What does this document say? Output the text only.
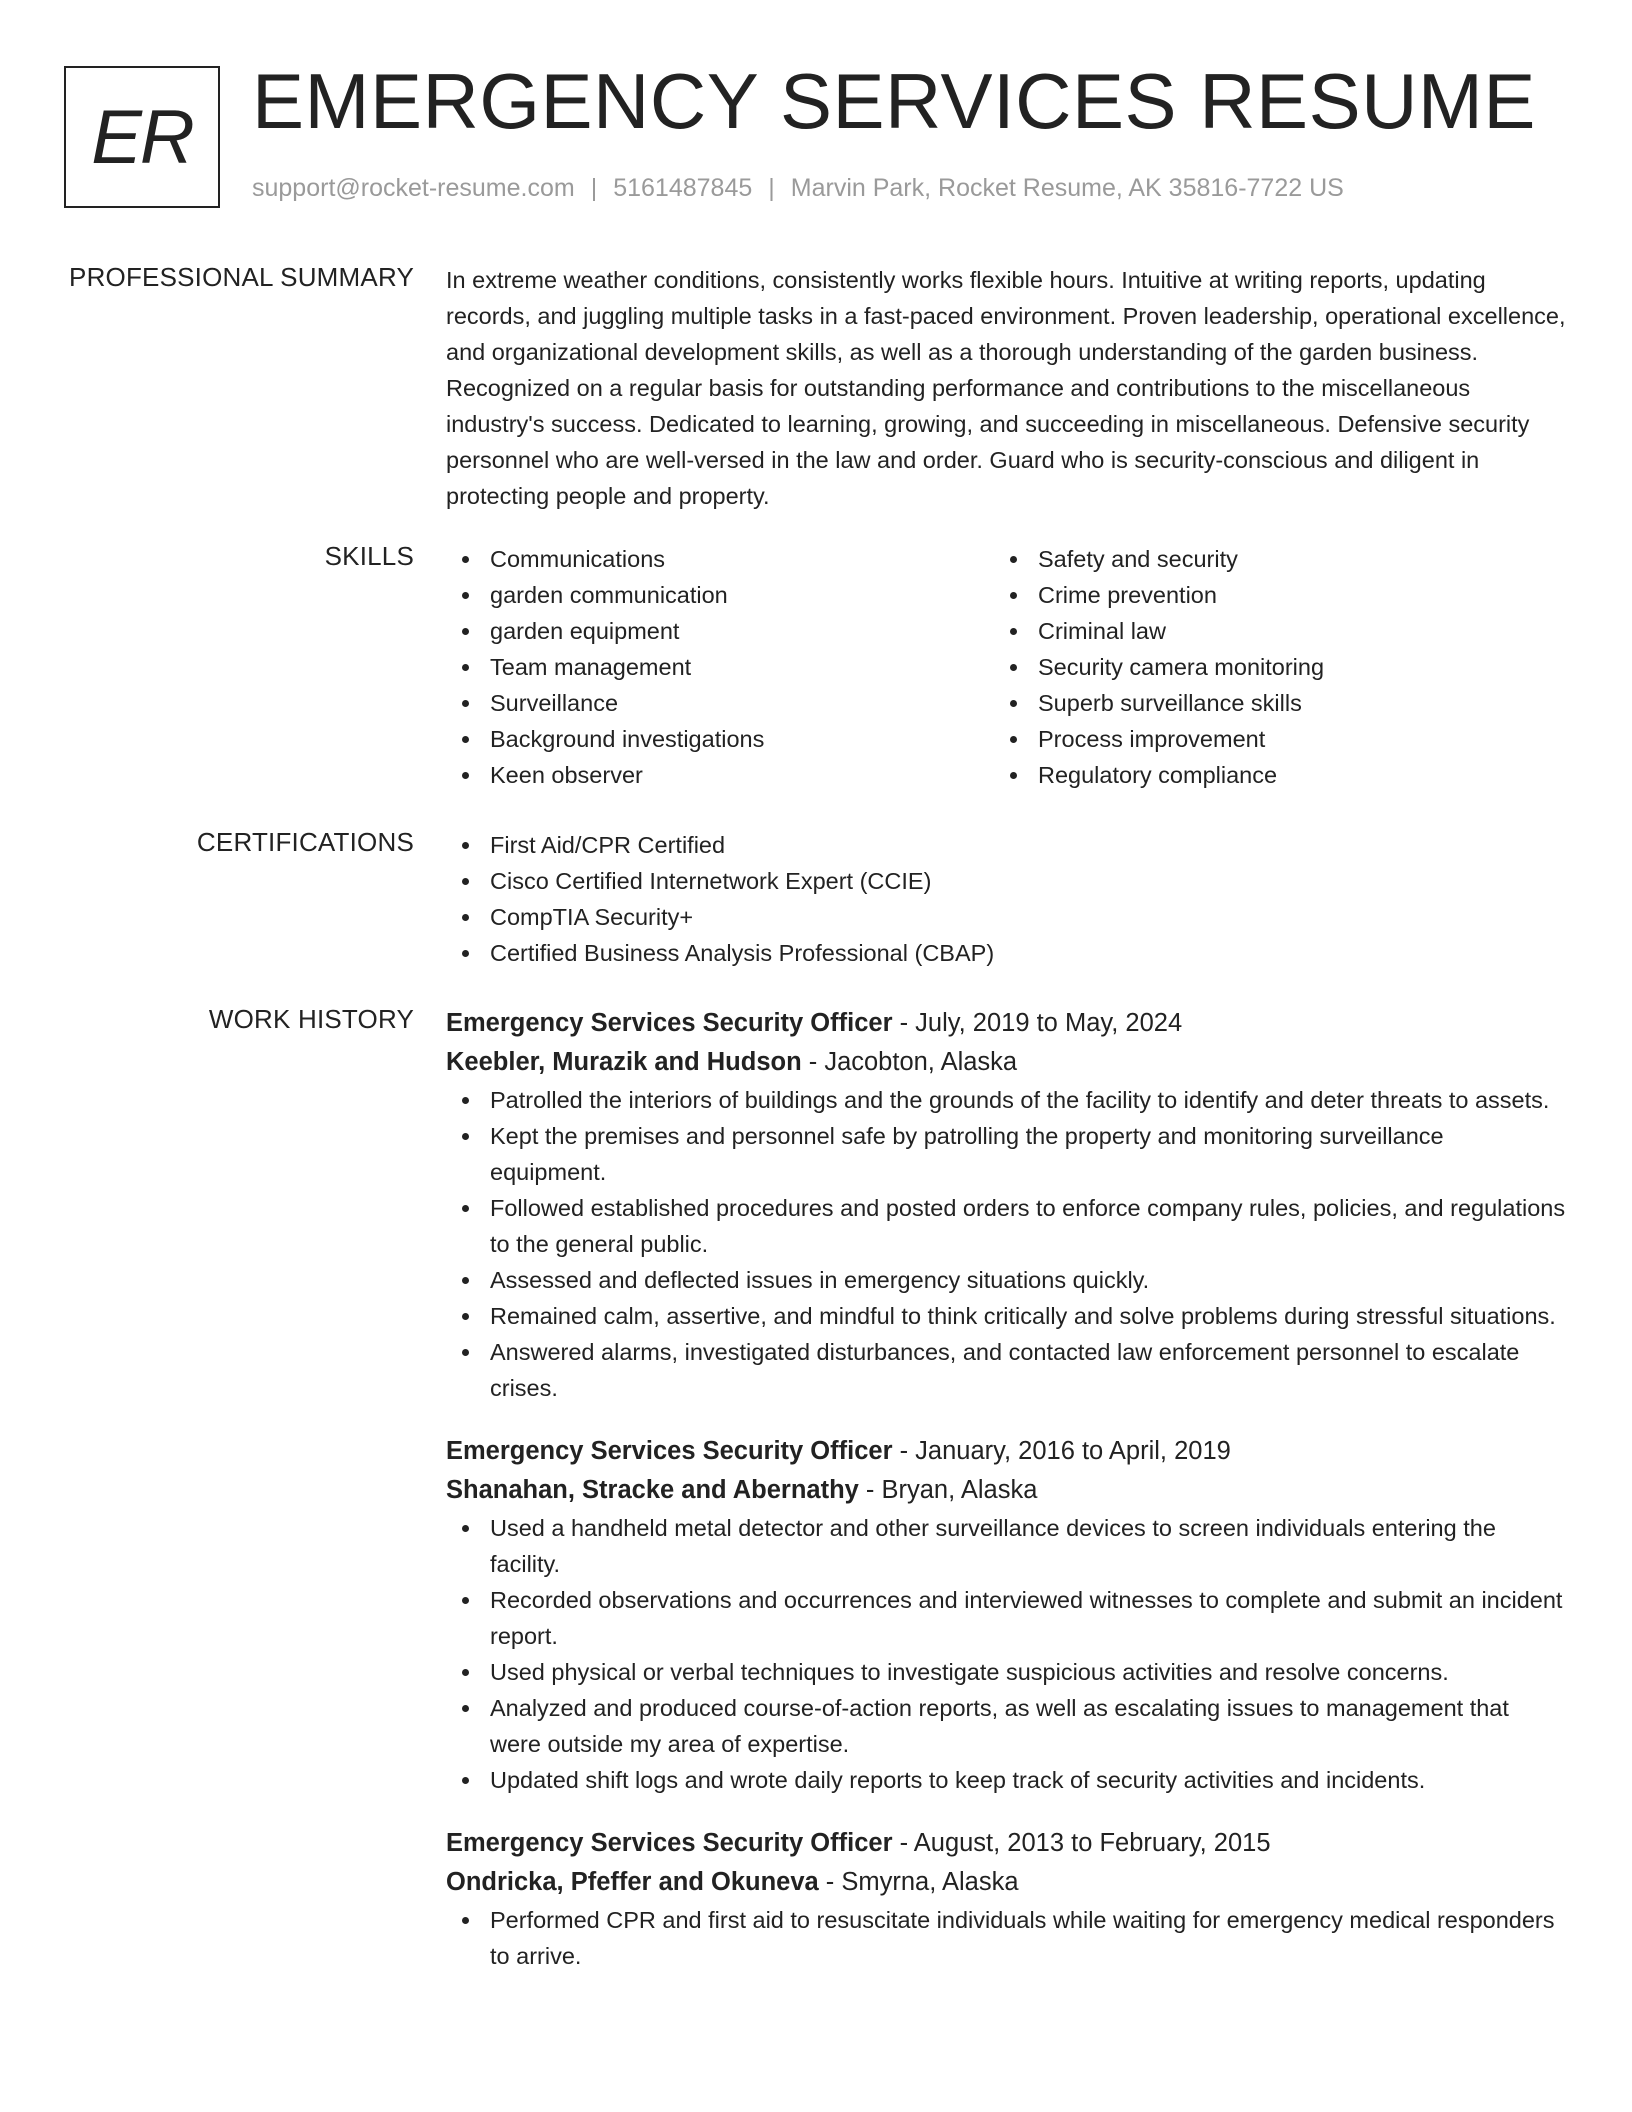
ER EMERGENCY SERVICES RESUME
support@rocket-resume.com | 5161487845 | Marvin Park, Rocket Resume, AK 35816-7722 US
PROFESSIONAL SUMMARY In extreme weather conditions, consistently works flexible hours. Intuitive at writing reports, updating records, and juggling multiple tasks in a fast-paced environment. Proven leadership, operational excellence, and organizational development skills, as well as a thorough understanding of the garden business. Recognized on a regular basis for outstanding performance and contributions to the miscellaneous industry's success. Dedicated to learning, growing, and succeeding in miscellaneous. Defensive security personnel who are well-versed in the law and order. Guard who is security-conscious and diligent in protecting people and property.

SKILLS	Communications
garden communication
garden equipment
Team management
Surveillance
Background investigations
Keen observer
Safety and security
Crime prevention
Criminal law
Security camera monitoring
Superb surveillance skills
Process improvement
Regulatory compliance
CERTIFICATIONS	First Aid/CPR Certified
Cisco Certified Internetwork Expert (CCIE)
CompTIA Security+
Certified Business Analysis Professional (CBAP)
WORK HISTORY Emergency Services Security Officer - July, 2019 to May, 2024
Keebler, Murazik and Hudson - Jacobton, Alaska
Patrolled the interiors of buildings and the grounds of the facility to identify and deter threats to assets.
Kept the premises and personnel safe by patrolling the property and monitoring surveillance equipment.
Followed established procedures and posted orders to enforce company rules, policies, and regulations to the general public.
Assessed and deflected issues in emergency situations quickly.
Remained calm, assertive, and mindful to think critically and solve problems during stressful situations.
Answered alarms, investigated disturbances, and contacted law enforcement personnel to escalate crises.
Emergency Services Security Officer - January, 2016 to April, 2019
Shanahan, Stracke and Abernathy - Bryan, Alaska
Used a handheld metal detector and other surveillance devices to screen individuals entering the facility.
Recorded observations and occurrences and interviewed witnesses to complete and submit an incident report.
Used physical or verbal techniques to investigate suspicious activities and resolve concerns.
Analyzed and produced course-of-action reports, as well as escalating issues to management that were outside my area of expertise.
Updated shift logs and wrote daily reports to keep track of security activities and incidents.
Emergency Services Security Officer - August, 2013 to February, 2015
Ondricka, Pfeffer and Okuneva - Smyrna, Alaska
Performed CPR and first aid to resuscitate individuals while waiting for emergency medical responders to arrive.
